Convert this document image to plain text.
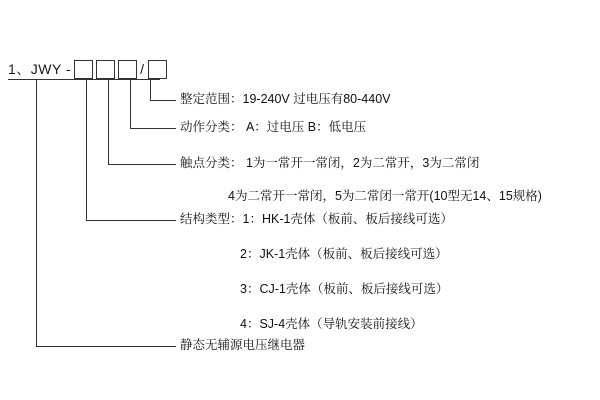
1、JWY -	/
整定范围：19-240V 过电压有80-440V
动作分类： A：过电压 B：低电压
触点分类： 1为一常开一常闭，2为二常开，3为二常闭
4为二常开一常闭，5为二常闭一常开(10型无14、15规格)
结构类型：1：HK-1壳体（板前、板后接线可选）
2：JK-1壳体（板前、板后接线可选）
3：CJ-1壳体（板前、板后接线可选）
4：SJ-4壳体（导轨安装前接线）
静态无辅源电压继电器
